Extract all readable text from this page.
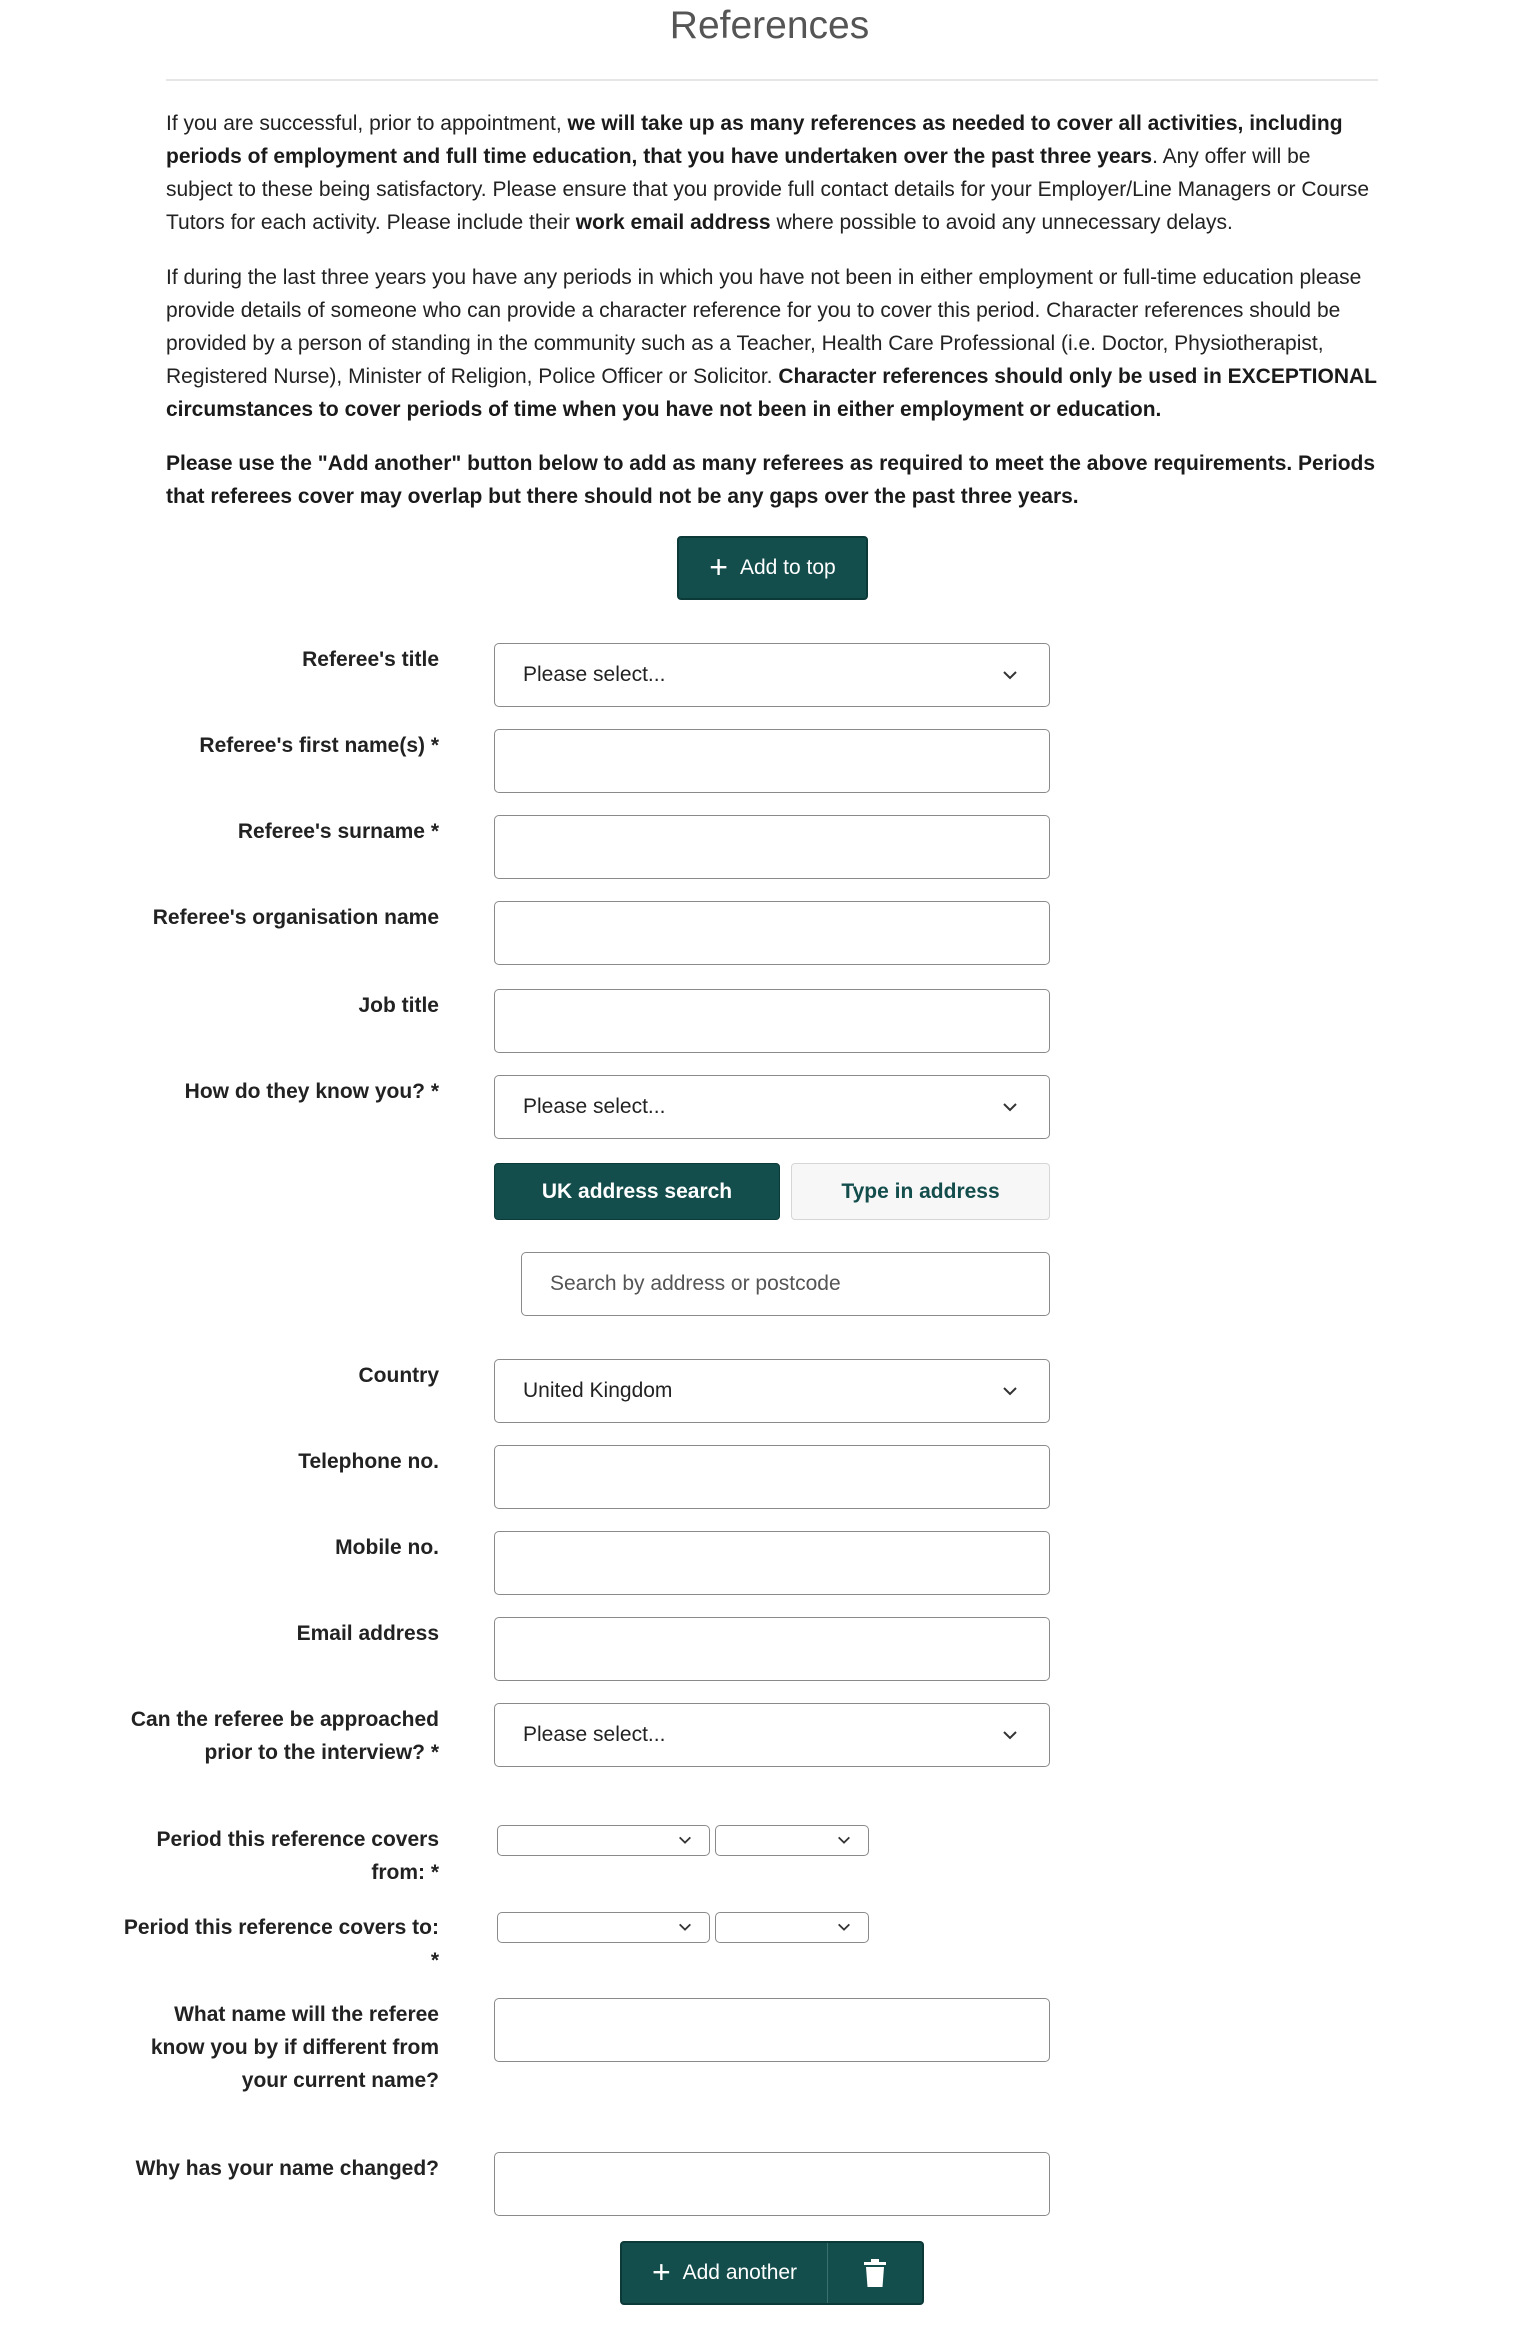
References

If you are successful, prior to appointment, we will take up as many references as needed to cover all activities, including periods of employment and full time education, that you have undertaken over the past three years. Any offer will be subject to these being satisfactory. Please ensure that you provide full contact details for your Employer/Line Managers or Course Tutors for each activity. Please include their work email address where possible to avoid any unnecessary delays.

If during the last three years you have any periods in which you have not been in either employment or full-time education please provide details of someone who can provide a character reference for you to cover this period. Character references should be provided by a person of standing in the community such as a Teacher, Health Care Professional (i.e. Doctor, Physiotherapist, Registered Nurse), Minister of Religion, Police Officer or Solicitor. Character references should only be used in EXCEPTIONAL circumstances to cover periods of time when you have not been in either employment or education.

Please use the "Add another" button below to add as many referees as required to meet the above requirements. Periods that referees cover may overlap but there should not be any gaps over the past three years.

+ Add to top
Referee's title
Please select...
Referee's first name(s) *
Referee's surname *
Referee's organisation name
Job title
How do they know you? *
Please select...
UK address search	Type in address
Search by address or postcode
Country
United Kingdom
Telephone no.
Mobile no.
Email address
Can the referee be approached prior to the interview? *
Please select...
Period this reference covers from: *
Period this reference covers to: *
What name will the referee know you by if different from your current name?
Why has your name changed?
+ Add another
